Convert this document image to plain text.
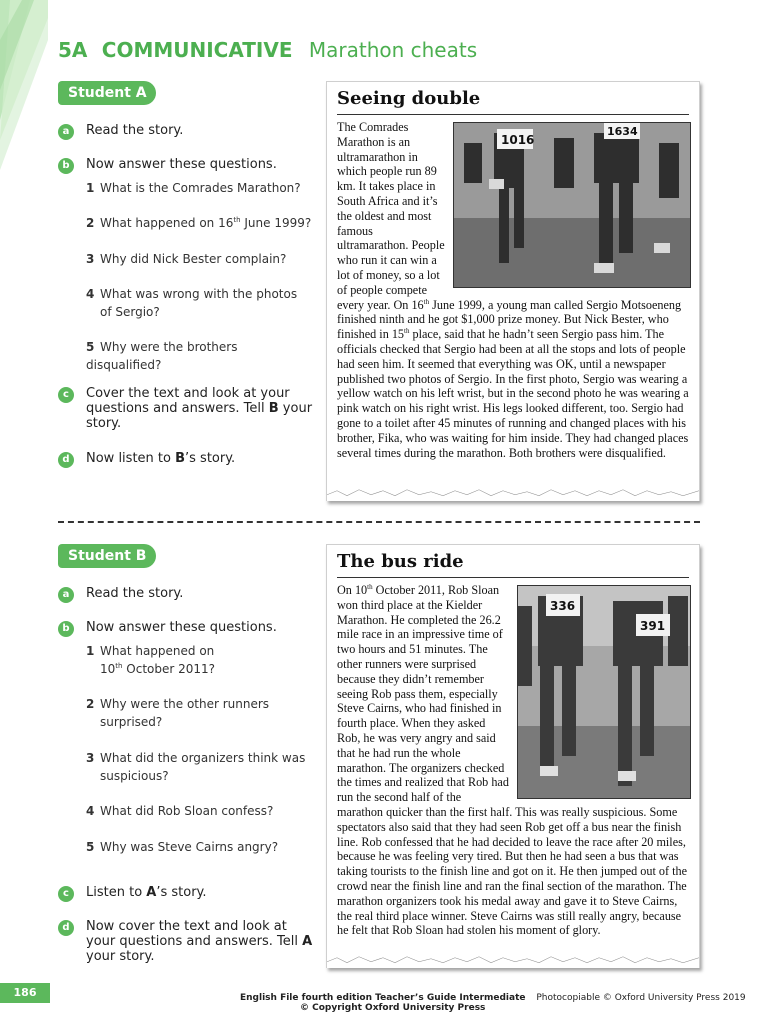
5A COMMUNICATIVE Marathon cheats
Student A
a	Read the story.
b	Now answer these questions.
1 What is the Comrades Marathon?
2 What happened on 16th June 1999?
3 Why did Nick Bester complain?
4 What was wrong with the photos
of Sergio?
5 Why were the brothers disqualified?
c	Cover the text and look at your questions and answers. Tell B your story.
d	Now listen to B’s story.
Seeing double
1016
1634
The Comrades Marathon is an ultramarathon in which people run 89 km. It takes place in South Africa and it’s the oldest and most famous ultramarathon. People who run it can win a lot of money, so a lot of people compete every year. On 16th June 1999, a young man called Sergio Motsoeneng finished ninth and he got $1,000 prize money. But Nick Bester, who finished in 15th place, said that he hadn’t seen Sergio pass him. The officials checked that Sergio had been at all the stops and lots of people had seen him. It seemed that everything was OK, until a newspaper published two photos of Sergio. In the first photo, Sergio was wearing a yellow watch on his left wrist, but in the second photo he was wearing a pink watch on his right wrist. His legs looked different, too. Sergio had gone to a toilet after 45 minutes of running and changed places with his brother, Fika, who was waiting for him inside. They had changed places several times during the marathon. Both brothers were disqualified.
Student B
a	Read the story.
b	Now answer these questions.
1 What happened on
10th October 2011?
2 Why were the other runners
surprised?
3 What did the organizers think was
suspicious?
4 What did Rob Sloan confess?
5 Why was Steve Cairns angry?
c	Listen to A’s story.
d	Now cover the text and look at your questions and answers. Tell A your story.
The bus ride
336
391
On 10th October 2011, Rob Sloan won third place at the Kielder Marathon. He completed the 26.2 mile race in an impressive time of two hours and 51 minutes. The other runners were surprised because they didn’t remember seeing Rob pass them, especially Steve Cairns, who had finished in fourth place. When they asked Rob, he was very angry and said that he had run the whole marathon. The organizers checked the times and realized that Rob had run the second half of the marathon quicker than the first half. This was really suspicious. Some spectators also said that they had seen Rob get off a bus near the finish line. Rob confessed that he had decided to leave the race after 20 miles, because he was feeling very tired. But then he had seen a bus that was taking tourists to the finish line and got on it. He then jumped out of the crowd near the finish line and ran the final section of the marathon. The marathon organizers took his medal away and gave it to Steve Cairns, the real third place winner. Steve Cairns was still really angry, because he felt that Rob Sloan had stolen his moment of glory.
186	English File fourth edition Teacher’s Guide Intermediate Photocopiable © Oxford University Press 2019
© Copyright Oxford University Press
